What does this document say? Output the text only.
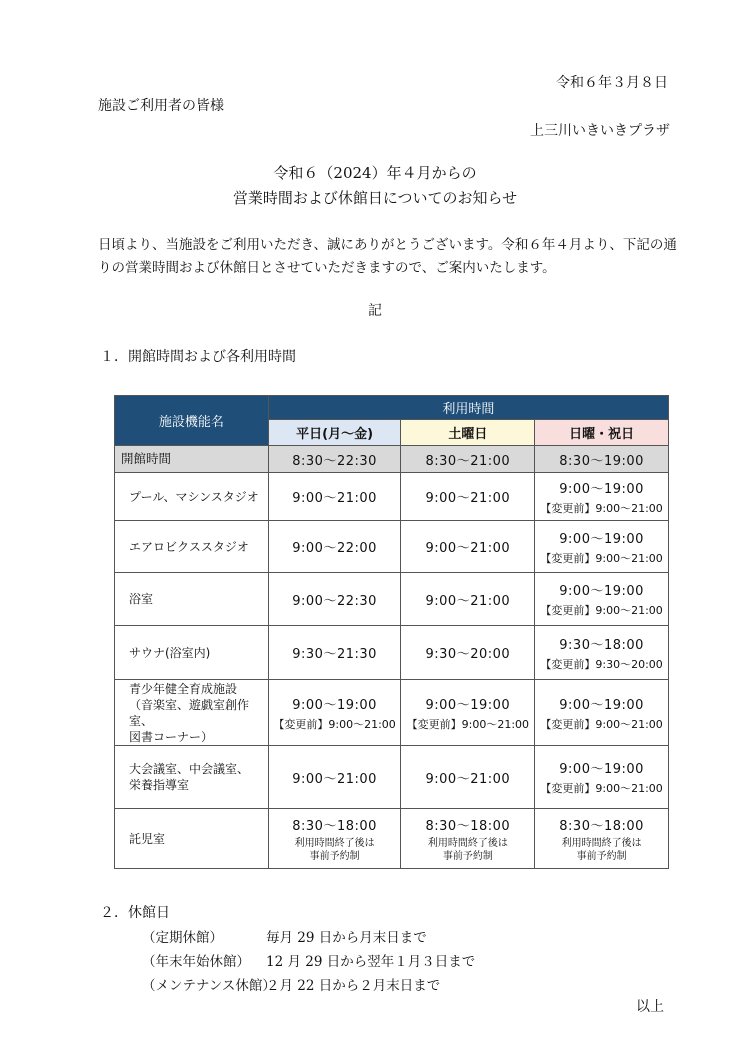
令和６年３月８日
施設ご利用者の皆様
上三川いきいきプラザ
令和６（2024）年４月からの
営業時間および休館日についてのお知らせ
日頃より、当施設をご利用いただき、誠にありがとうございます。令和６年４月より、下記の通りの営業時間および休館日とさせていただきますので、ご案内いたします。
記
１．開館時間および各利用時間
施設機能名	利用時間		
	平日(月～金)	土曜日	日曜・祝日
開館時間	8:30～22:30	8:30～21:00	8:30～19:00
プール、マシンスタジオ	9:00～21:00	9:00～21:00	9:00～19:00
【変更前】9:00～21:00

エアロビクススタジオ	9:00～22:00	9:00～21:00	9:00～19:00
【変更前】9:00～21:00

浴室	9:00～22:30	9:00～21:00	9:00～19:00
【変更前】9:00～21:00

サウナ(浴室内)	9:30～21:30	9:30～20:00	9:30～18:00
【変更前】9:30～20:00

青少年健全育成施設
（音楽室、遊戯室創作室、
図書コーナー）	9:00～19:00
【変更前】9:00～21:00	9:00～19:00
【変更前】9:00～21:00	9:00～19:00
【変更前】9:00～21:00

大会議室、中会議室、
栄養指導室	9:00～21:00	9:00～21:00	9:00～19:00
【変更前】9:00～21:00

託児室	8:30～18:00
利用時間終了後は
事前予約制	8:30～18:00
利用時間終了後は
事前予約制	8:30～18:00
利用時間終了後は
事前予約制
２．休館日
（定期休館）	毎月 29 日から月末日まで
（年末年始休館） 12 月 29 日から翌年１月３日まで
（メンテナンス休館）２月 22 日から２月末日まで
以上
